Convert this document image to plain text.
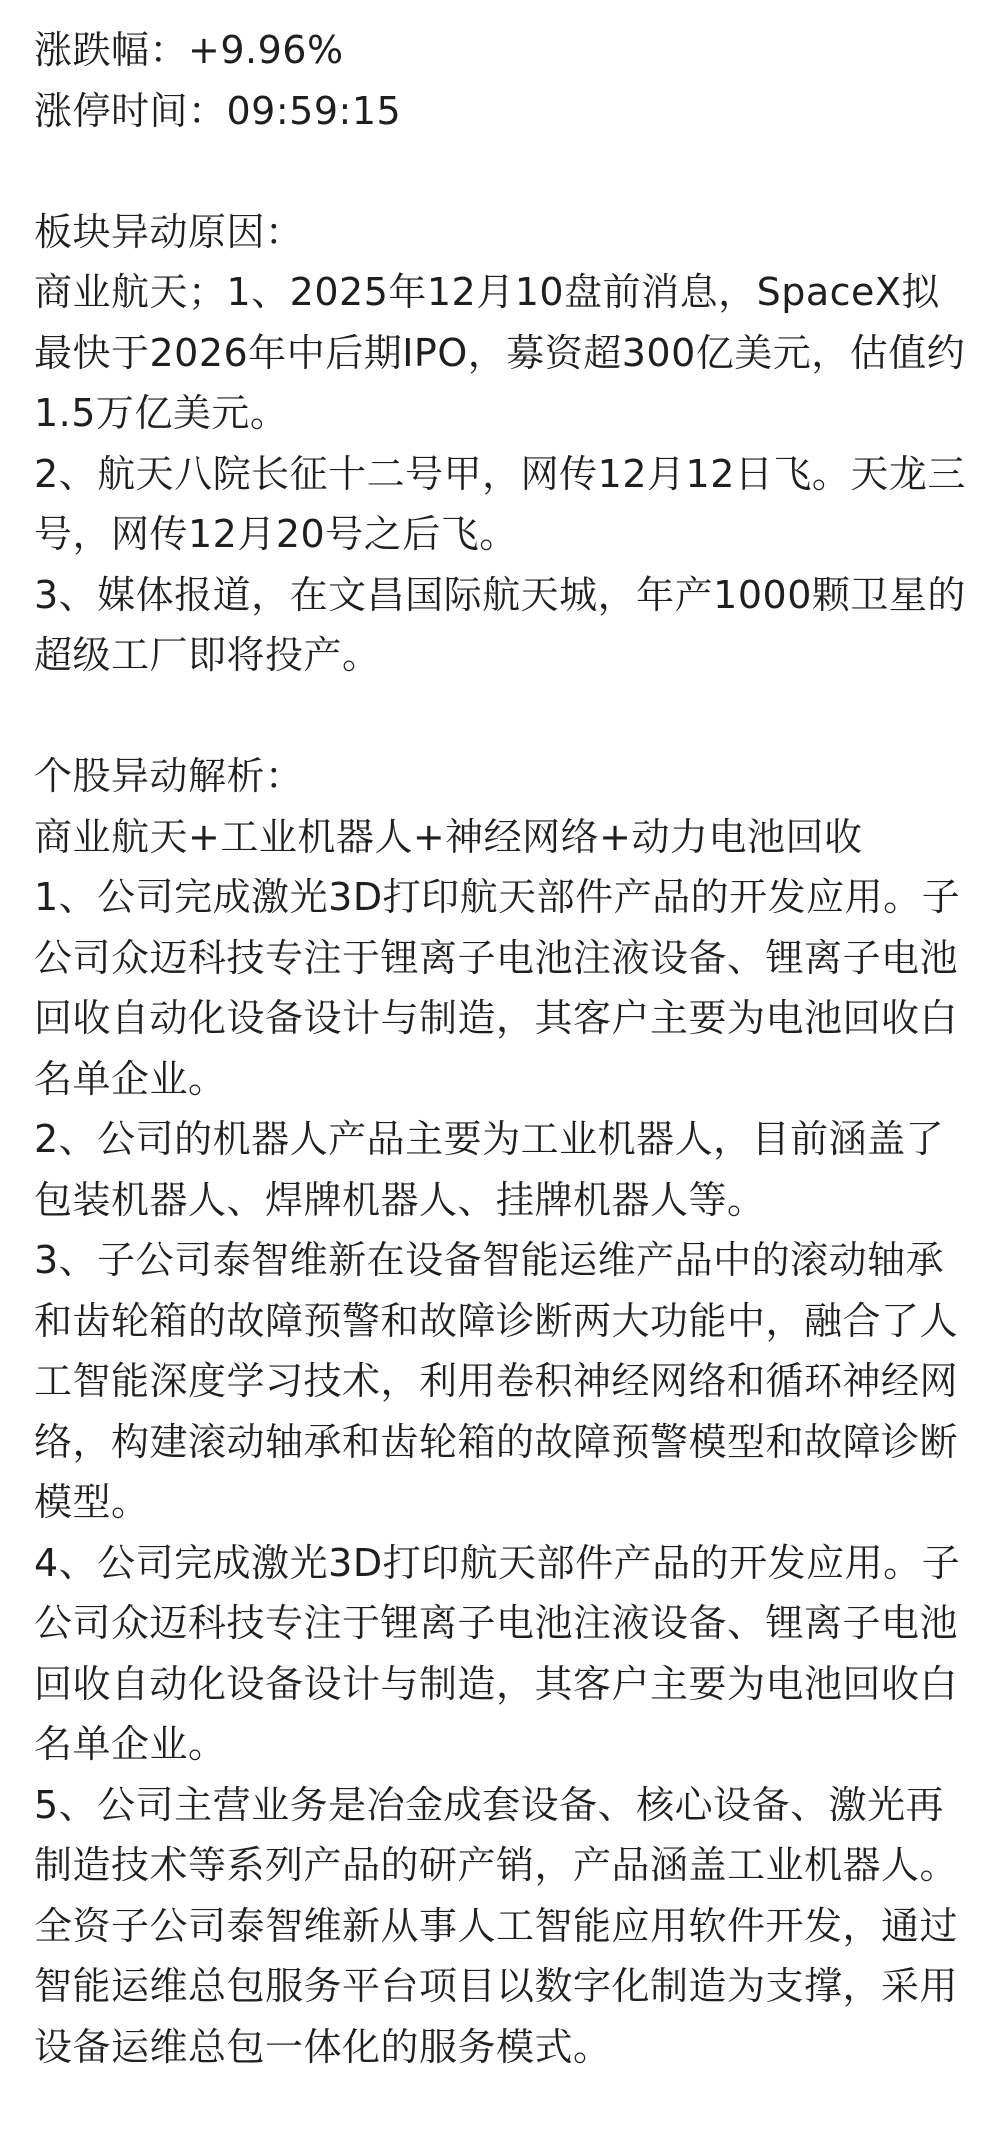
涨跌幅：+9.96%

涨停时间：09:59:15

板块异动原因：

商业航天；1、2025年12月10盘前消息，SpaceX拟最快于2026年中后期IPO，募资超300亿美元，估值约1.5万亿美元。

2、航天八院长征十二号甲，网传12月12日飞。天龙三号，网传12月20号之后飞。

3、媒体报道，在文昌国际航天城，年产1000颗卫星的超级工厂即将投产。

个股异动解析：

商业航天+工业机器人+神经网络+动力电池回收

1、公司完成激光3D打印航天部件产品的开发应用。子公司众迈科技专注于锂离子电池注液设备、锂离子电池回收自动化设备设计与制造，其客户主要为电池回收白名单企业。

2、公司的机器人产品主要为工业机器人，目前涵盖了包装机器人、焊牌机器人、挂牌机器人等。

3、子公司泰智维新在设备智能运维产品中的滚动轴承和齿轮箱的故障预警和故障诊断两大功能中，融合了人工智能深度学习技术，利用卷积神经网络和循环神经网络，构建滚动轴承和齿轮箱的故障预警模型和故障诊断模型。

4、公司完成激光3D打印航天部件产品的开发应用。子公司众迈科技专注于锂离子电池注液设备、锂离子电池回收自动化设备设计与制造，其客户主要为电池回收白名单企业。

5、公司主营业务是冶金成套设备、核心设备、激光再制造技术等系列产品的研产销，产品涵盖工业机器人。全资子公司泰智维新从事人工智能应用软件开发，通过智能运维总包服务平台项目以数字化制造为支撑，采用设备运维总包一体化的服务模式。
